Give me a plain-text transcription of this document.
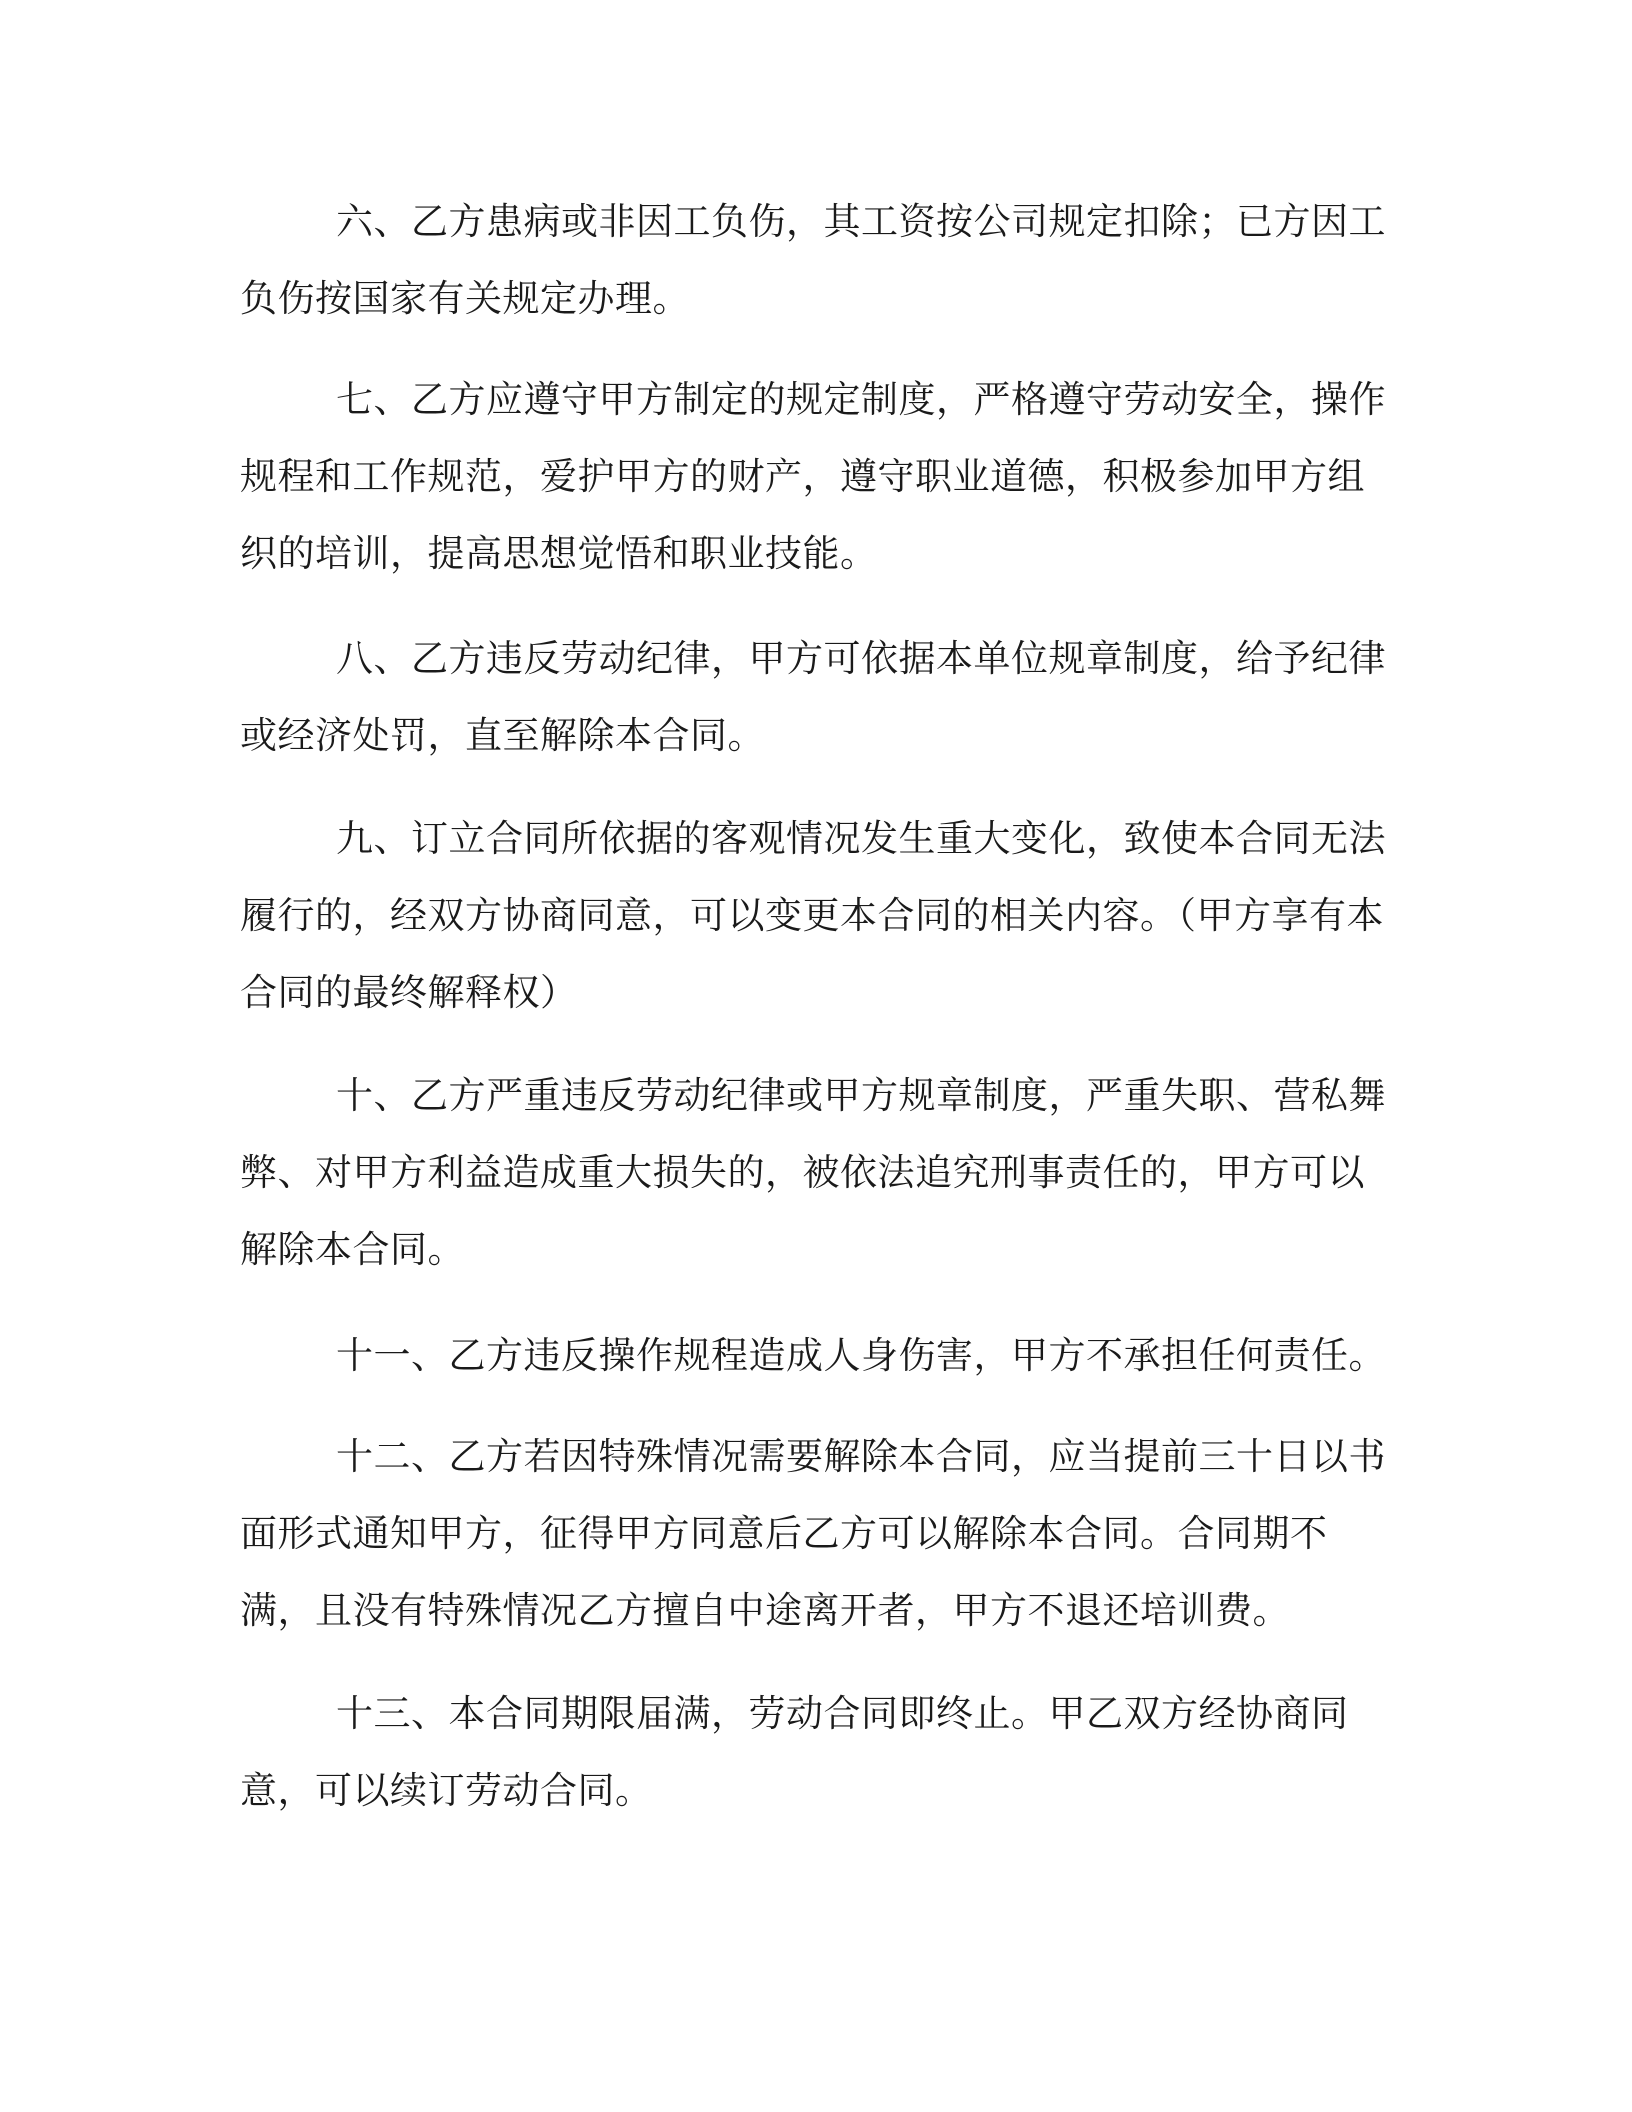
六、乙方患病或非因工负伤，其工资按公司规定扣除；已方因工负伤按国家有关规定办理。

七、乙方应遵守甲方制定的规定制度，严格遵守劳动安全，操作规程和工作规范，爱护甲方的财产，遵守职业道德，积极参加甲方组织的培训，提高思想觉悟和职业技能。

八、乙方违反劳动纪律，甲方可依据本单位规章制度，给予纪律或经济处罚，直至解除本合同。

九、订立合同所依据的客观情况发生重大变化，致使本合同无法履行的，经双方协商同意，可以变更本合同的相关内容。（甲方享有本合同的最终解释权）

十、乙方严重违反劳动纪律或甲方规章制度，严重失职、营私舞弊、对甲方利益造成重大损失的，被依法追究刑事责任的，甲方可以解除本合同。

十一、乙方违反操作规程造成人身伤害，甲方不承担任何责任。

十二、乙方若因特殊情况需要解除本合同，应当提前三十日以书面形式通知甲方，征得甲方同意后乙方可以解除本合同。合同期不满，且没有特殊情况乙方擅自中途离开者，甲方不退还培训费。

十三、本合同期限届满，劳动合同即终止。甲乙双方经协商同意，可以续订劳动合同。
